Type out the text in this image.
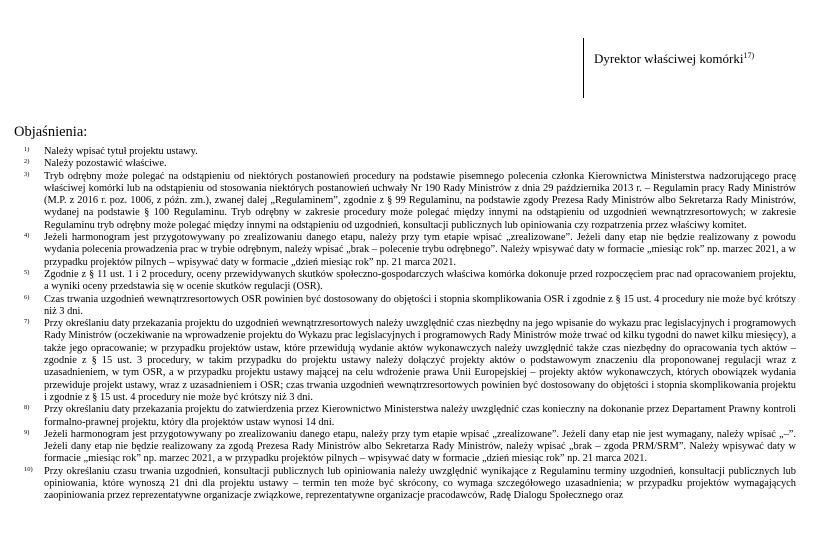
Dyrektor właściwej komórki$^{17)}$
Objaśnienia:
1)	Należy wpisać tytuł projektu ustawy.
2)	Należy pozostawić właściwe.
3)	Tryb odrębny może polegać na odstąpieniu od niektórych postanowień procedury na podstawie pisemnego polecenia członka Kierownictwa Ministerstwa nadzorującego pracę właściwej komórki lub na odstąpieniu od stosowania niektórych postanowień uchwały Nr 190 Rady Ministrów z dnia 29 października 2013 r. – Regulamin pracy Rady Ministrów (M.P. z 2016 r. poz. 1006, z późn. zm.), zwanej dalej „Regulaminem”, zgodnie z § 99 Regulaminu, na podstawie zgody Prezesa Rady Ministrów albo Sekretarza Rady Ministrów, wydanej na podstawie § 100 Regulaminu. Tryb odrębny w zakresie procedury może polegać między innymi na odstąpieniu od uzgodnień wewnątrzresortowych; w zakresie Regulaminu tryb odrębny może polegać między innymi na odstąpieniu od uzgodnień, konsultacji publicznych lub opiniowania czy rozpatrzenia przez właściwy komitet.
4)	Jeżeli harmonogram jest przygotowywany po zrealizowaniu danego etapu, należy przy tym etapie wpisać „zrealizowane”. Jeżeli dany etap nie będzie realizowany z powodu wydania polecenia prowadzenia prac w trybie odrębnym, należy wpisać „brak – polecenie trybu odrębnego”. Należy wpisywać daty w formacie „miesiąc rok” np. marzec 2021, a w przypadku projektów pilnych – wpisywać daty w formacie „dzień miesiąc rok” np. 21 marca 2021.
5)	Zgodnie z § 11 ust. 1 i 2 procedury, oceny przewidywanych skutków społeczno-gospodarczych właściwa komórka dokonuje przed rozpoczęciem prac nad opracowaniem projektu, a wyniki oceny przedstawia się w ocenie skutków regulacji (OSR).
6)	Czas trwania uzgodnień wewnątrzresortowych OSR powinien być dostosowany do objętości i stopnia skomplikowania OSR i zgodnie z § 15 ust. 4 procedury nie może być krótszy niż 3 dni.
7)	Przy określaniu daty przekazania projektu do uzgodnień wewnątrzresortowych należy uwzględnić czas niezbędny na jego wpisanie do wykazu prac legislacyjnych i programowych Rady Ministrów (oczekiwanie na wprowadzenie projektu do Wykazu prac legislacyjnych i programowych Rady Ministrów może trwać od kilku tygodni do nawet kilku miesięcy), a także jego opracowanie; w przypadku projektów ustaw, które przewidują wydanie aktów wykonawczych należy uwzględnić także czas niezbędny do opracowania tych aktów – zgodnie z § 15 ust. 3 procedury, w takim przypadku do projektu ustawy należy dołączyć projekty aktów o podstawowym znaczeniu dla proponowanej regulacji wraz z uzasadnieniem, w tym OSR, a w przypadku projektu ustawy mającej na celu wdrożenie prawa Unii Europejskiej – projekty aktów wykonawczych, których obowiązek wydania przewiduje projekt ustawy, wraz z uzasadnieniem i OSR; czas trwania uzgodnień wewnątrzresortowych powinien być dostosowany do objętości i stopnia skomplikowania projektu i zgodnie z § 15 ust. 4 procedury nie może być krótszy niż 3 dni.
8)	Przy określaniu daty przekazania projektu do zatwierdzenia przez Kierownictwo Ministerstwa należy uwzględnić czas konieczny na dokonanie przez Departament Prawny kontroli formalno-prawnej projektu, który dla projektów ustaw wynosi 14 dni.
9)	Jeżeli harmonogram jest przygotowywany po zrealizowaniu danego etapu, należy przy tym etapie wpisać „zrealizowane”. Jeżeli dany etap nie jest wymagany, należy wpisać „–”. Jeżeli dany etap nie będzie realizowany za zgodą Prezesa Rady Ministrów albo Sekretarza Rady Ministrów, należy wpisać „brak – zgoda PRM/SRM”. Należy wpisywać daty w formacie „miesiąc rok” np. marzec 2021, a w przypadku projektów pilnych – wpisywać daty w formacie „dzień miesiąc rok” np. 21 marca 2021.
10)	Przy określaniu czasu trwania uzgodnień, konsultacji publicznych lub opiniowania należy uwzględnić wynikające z Regulaminu terminy uzgodnień, konsultacji publicznych lub opiniowania, które wynoszą 21 dni dla projektu ustawy – termin ten może być skrócony, co wymaga szczegółowego uzasadnienia; w przypadku projektów wymagających zaopiniowania przez reprezentatywne organizacje związkowe, reprezentatywne organizacje pracodawców, Radę Dialogu Społecznego oraz
